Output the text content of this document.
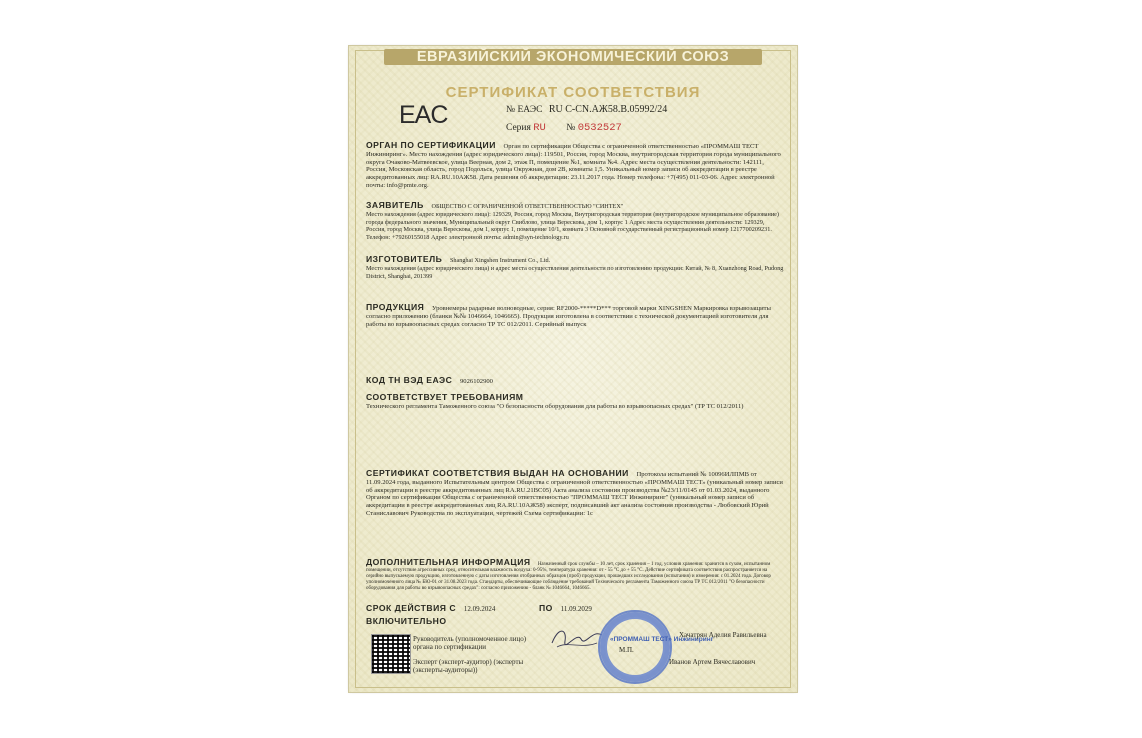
ЕВРАЗИЙСКИЙ ЭКОНОМИЧЕСКИЙ СОЮЗ
СЕРТИФИКАТ СООТВЕТСТВИЯ
EAC	№ ЕАЭС RU C-CN.АЖ58.В.05992/24
Серия RU № 0532527
ОРГАН ПО СЕРТИФИКАЦИИ Орган по сертификации Общества с ограниченной ответственностью «ПРОММАШ ТЕСТ Инжиниринг». Место нахождения (адрес юридического лица): 119501, Россия, город Москва, внутригородская территория города муниципального округа Очаково-Матвеевское, улица Веерная, дом 2, этаж П, помещение №1, комната №4. Адрес места осуществления деятельности: 142111, Россия, Московская область, город Подольск, улица Окружная, дом 2В, комнаты 1,5. Уникальный номер записи об аккредитации в реестре аккредитованных лиц: RA.RU.10АЖ58. Дата решения об аккредитации: 23.11.2017 года. Номер телефона: +7(495) 011-03-06. Адрес электронной почты: info@pmte.org.
ЗАЯВИТЕЛЬ ОБЩЕСТВО С ОГРАНИЧЕННОЙ ОТВЕТСТВЕННОСТЬЮ "СИНТЕХ"
Место нахождения (адрес юридического лица): 129329, Россия, город Москва, Внутригородская территория (внутригородское муниципальное образование) города федерального значения, Муниципальный округ Свиблово, улица Верескова, дом 1, корпус 1 Адрес места осуществления деятельности: 129329, Россия, город Москва, улица Верескова, дом 1, корпус 1, помещение 10/1, комната 3 Основной государственный регистрационный номер 1217700209231. Телефон: +79260155018 Адрес электронной почты: admin@syn-technology.ru
ИЗГОТОВИТЕЛЬ Shanghai Xingshen Instrument Co., Ltd.
Место нахождения (адрес юридического лица) и адрес места осуществления деятельности по изготовлению продукции: Китай, № 8, Xuanzhong Road, Pudong District, Shanghai, 201399
ПРОДУКЦИЯ Уровнемеры радарные волноводные, серия: RF2000-*****D*** торговой марки XINGSHEN Маркировка взрывозащиты согласно приложению (бланки №№ 1046664, 1046665). Продукция изготовлена в соответствии с технической документацией изготовителя для работы во взрывоопасных средах согласно ТР ТС 012/2011. Серийный выпуск
КОД ТН ВЭД ЕАЭС 9026102900
СООТВЕТСТВУЕТ ТРЕБОВАНИЯМ
Технического регламента Таможенного союза "О безопасности оборудования для работы во взрывоопасных средах" (ТР ТС 012/2011)
СЕРТИФИКАТ СООТВЕТСТВИЯ ВЫДАН НА ОСНОВАНИИ Протокола испытаний № 10096ИЛПМВ от 11.09.2024 года, выданного Испытательным центром Общества с ограниченной ответственностью «ПРОММАШ ТЕСТ» (уникальный номер записи об аккредитации в реестре аккредитованных лиц RA.RU.21ВС05) Акта анализа состояния производства №23/11/0145 от 01.03.2024, выданного Органом по сертификации Общества с ограниченной ответственностью "ПРОММАШ ТЕСТ Инжиниринг" (уникальный номер записи об аккредитации в реестре аккредитованных лиц RA.RU.10АЖ58) эксперт, подписавший акт анализа состояния производства - Любовский Юрий Станиславович Руководства по эксплуатации, чертежей Схема сертификации: 1с
ДОПОЛНИТЕЛЬНАЯ ИНФОРМАЦИЯ Назначенный срок службы – 10 лет, срок хранения – 1 год, условия хранения: хранится в сухом, испытанном помещении, отсутствие агрессивных сред, относительная влажность воздуха: 0-95%, температура хранения: от - 55 °C до + 55 °C. Действие сертификата соответствия распространяется на серийно выпускаемую продукцию, изготовленную с даты изготовления отобранных образцов (проб) продукции, прошедших исследования (испытания) и измерения: с 01.2024 года. Договор уполномоченного лица № БЮ-01 от 31.08.2023 года. Стандарты, обеспечивающие соблюдение требований Технического регламента Таможенного союза ТР ТС 012/2011 "О безопасности оборудования для работы во взрывоопасных средах": согласно приложению - бланк № 1046664, 1046665.
СРОК ДЕЙСТВИЯ С 12.09.2024	ПО 11.09.2029
ВКЛЮЧИТЕЛЬНО
Руководитель (уполномоченное лицо) органа по сертификации
Эксперт (эксперт-аудитор) (эксперты (эксперты-аудиторы))
«ПРОММАШ ТЕСТ» Инжиниринг
Хачатрян Аделия Равильевна
М.П.
Иванов Артем Вячеславович
